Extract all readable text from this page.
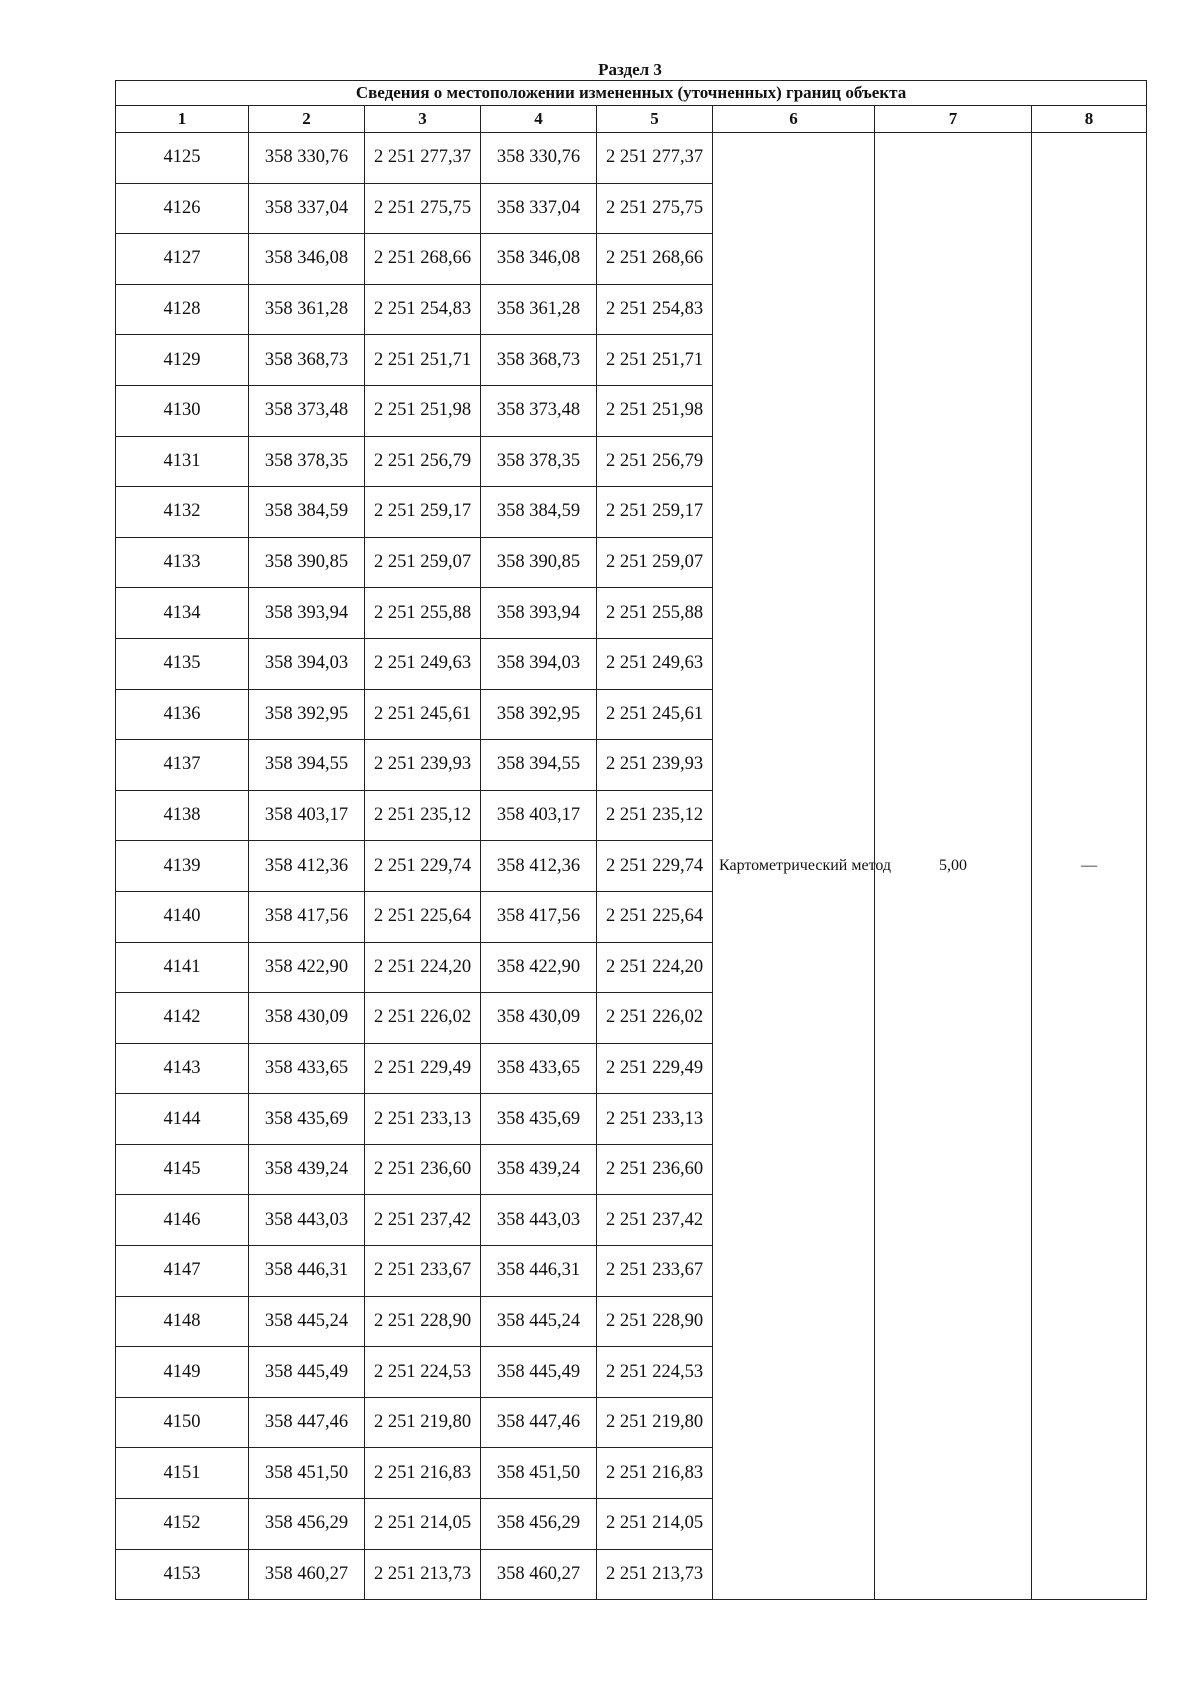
Раздел 3
Сведения о местоположении измененных (уточненных) границ объекта							
1	2	3	4	5	6	7	8
4125	358 330,76	2 251 277,37	358 330,76	2 251 277,37	Картометрический метод	5,00	—
4126	358 337,04	2 251 275,75	358 337,04	2 251 275,75			
4127	358 346,08	2 251 268,66	358 346,08	2 251 268,66			
4128	358 361,28	2 251 254,83	358 361,28	2 251 254,83			
4129	358 368,73	2 251 251,71	358 368,73	2 251 251,71			
4130	358 373,48	2 251 251,98	358 373,48	2 251 251,98			
4131	358 378,35	2 251 256,79	358 378,35	2 251 256,79			
4132	358 384,59	2 251 259,17	358 384,59	2 251 259,17			
4133	358 390,85	2 251 259,07	358 390,85	2 251 259,07			
4134	358 393,94	2 251 255,88	358 393,94	2 251 255,88			
4135	358 394,03	2 251 249,63	358 394,03	2 251 249,63			
4136	358 392,95	2 251 245,61	358 392,95	2 251 245,61			
4137	358 394,55	2 251 239,93	358 394,55	2 251 239,93			
4138	358 403,17	2 251 235,12	358 403,17	2 251 235,12			
4139	358 412,36	2 251 229,74	358 412,36	2 251 229,74			
4140	358 417,56	2 251 225,64	358 417,56	2 251 225,64			
4141	358 422,90	2 251 224,20	358 422,90	2 251 224,20			
4142	358 430,09	2 251 226,02	358 430,09	2 251 226,02			
4143	358 433,65	2 251 229,49	358 433,65	2 251 229,49			
4144	358 435,69	2 251 233,13	358 435,69	2 251 233,13			
4145	358 439,24	2 251 236,60	358 439,24	2 251 236,60			
4146	358 443,03	2 251 237,42	358 443,03	2 251 237,42			
4147	358 446,31	2 251 233,67	358 446,31	2 251 233,67			
4148	358 445,24	2 251 228,90	358 445,24	2 251 228,90			
4149	358 445,49	2 251 224,53	358 445,49	2 251 224,53			
4150	358 447,46	2 251 219,80	358 447,46	2 251 219,80			
4151	358 451,50	2 251 216,83	358 451,50	2 251 216,83			
4152	358 456,29	2 251 214,05	358 456,29	2 251 214,05			
4153	358 460,27	2 251 213,73	358 460,27	2 251 213,73			
